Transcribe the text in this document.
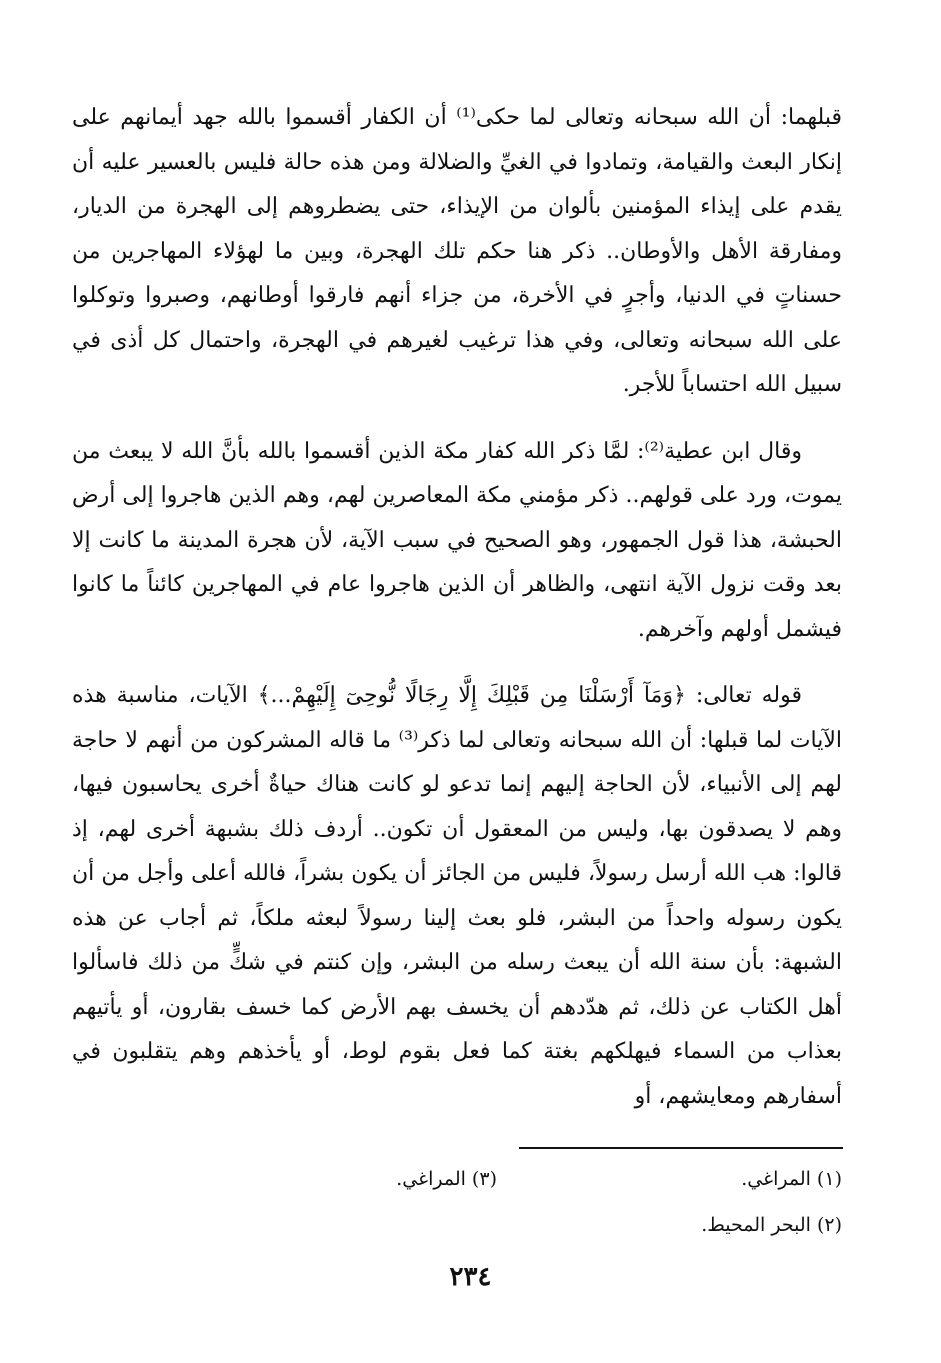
قبلهما: أن الله سبحانه وتعالى لما حكى⁽¹⁾ أن الكفار أقسموا بالله جهد أيمانهم على إنكار البعث والقيامة، وتمادوا في الغيِّ والضلالة ومن هذه حالة فليس بالعسير عليه أن يقدم على إيذاء المؤمنين بألوان من الإيذاء، حتى يضطروهم إلى الهجرة من الديار، ومفارقة الأهل والأوطان.. ذكر هنا حكم تلك الهجرة، وبين ما لهؤلاء المهاجرين من حسناتٍ في الدنيا، وأجرٍ في الأخرة، من جزاء أنهم فارقوا أوطانهم، وصبروا وتوكلوا على الله سبحانه وتعالى، وفي هذا ترغيب لغيرهم في الهجرة، واحتمال كل أذى في سبيل الله احتساباً للأجر.

وقال ابن عطية⁽²⁾: لمَّا ذكر الله كفار مكة الذين أقسموا بالله بأنَّ الله لا يبعث من يموت، ورد على قولهم.. ذكر مؤمني مكة المعاصرين لهم، وهم الذين هاجروا إلى أرض الحبشة، هذا قول الجمهور، وهو الصحيح في سبب الآية، لأن هجرة المدينة ما كانت إلا بعد وقت نزول الآية انتهى، والظاهر أن الذين هاجروا عام في المهاجرين كائناً ما كانوا فيشمل أولهم وآخرهم.

قوله تعالى: ﴿وَمَآ أَرْسَلْنَا مِن قَبْلِكَ إِلَّا رِجَالًا نُّوحِىٓ إِلَيْهِمْ...﴾ الآيات، مناسبة هذه الآيات لما قبلها: أن الله سبحانه وتعالى لما ذكر⁽³⁾ ما قاله المشركون من أنهم لا حاجة لهم إلى الأنبياء، لأن الحاجة إليهم إنما تدعو لو كانت هناك حياةٌ أخرى يحاسبون فيها، وهم لا يصدقون بها، وليس من المعقول أن تكون.. أردف ذلك بشبهة أخرى لهم، إذ قالوا: هب الله أرسل رسولاً، فليس من الجائز أن يكون بشراً، فالله أعلى وأجل من أن يكون رسوله واحداً من البشر، فلو بعث إلينا رسولاً لبعثه ملكاً، ثم أجاب عن هذه الشبهة: بأن سنة الله أن يبعث رسله من البشر، وإن كنتم في شكٍّ من ذلك فاسألوا أهل الكتاب عن ذلك، ثم هدّدهم أن يخسف بهم الأرض كما خسف بقارون، أو يأتيهم بعذاب من السماء فيهلكهم بغتة كما فعل بقوم لوط، أو يأخذهم وهم يتقلبون في أسفارهم ومعايشهم، أو

(١) المراغي.
(٣) المراغي.
(٢) البحر المحيط.
٢٣٤
